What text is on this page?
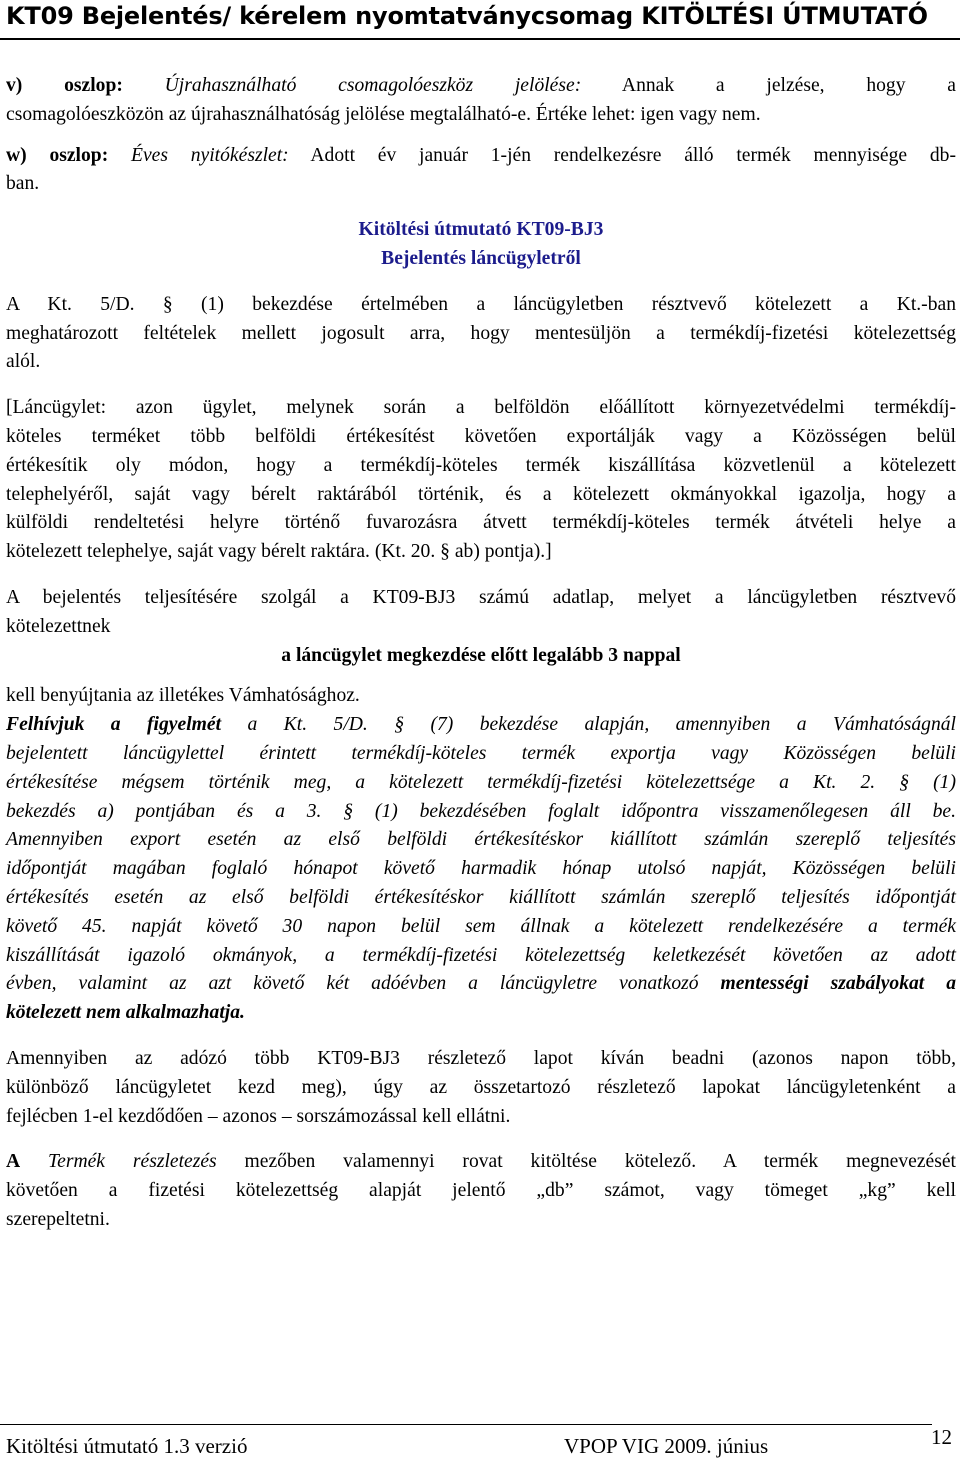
KT09 Bejelentés/ kérelem nyomtatványcsomag KITÖLTÉSI ÚTMUTATÓ

v) oszlop: Újrahasználható csomagolóeszköz jelölése: Annak a jelzése, hogy a

csomagolóeszközön az újrahasználhatóság jelölése megtalálható-e. Értéke lehet: igen vagy nem.

w) oszlop: Éves nyitókészlet: Adott év január 1-jén rendelkezésre álló termék mennyisége db-

ban.

Kitöltési útmutató KT09-BJ3

Bejelentés láncügyletről

A Kt. 5/D. § (1) bekezdése értelmében a láncügyletben résztvevő kötelezett a Kt.-ban

meghatározott feltételek mellett jogosult arra, hogy mentesüljön a termékdíj-fizetési kötelezettség

alól.

[Láncügylet: azon ügylet, melynek során a belföldön előállított környezetvédelmi termékdíj-

köteles terméket több belföldi értékesítést követően exportálják vagy a Közösségen belül

értékesítik oly módon, hogy a termékdíj-köteles termék kiszállítása közvetlenül a kötelezett

telephelyéről, saját vagy bérelt raktárából történik, és a kötelezett okmányokkal igazolja, hogy a

külföldi rendeltetési helyre történő fuvarozásra átvett termékdíj-köteles termék átvételi helye a

kötelezett telephelye, saját vagy bérelt raktára. (Kt. 20. § ab) pontja).]

A bejelentés teljesítésére szolgál a KT09-BJ3 számú adatlap, melyet a láncügyletben résztvevő

kötelezettnek

a láncügylet megkezdése előtt legalább 3 nappal

kell benyújtania az illetékes Vámhatósághoz.

Felhívjuk a figyelmét a Kt. 5/D. § (7) bekezdése alapján, amennyiben a Vámhatóságnál

bejelentett láncügylettel érintett termékdíj-köteles termék exportja vagy Közösségen belüli

értékesítése mégsem történik meg, a kötelezett termékdíj-fizetési kötelezettsége a Kt. 2. § (1)

bekezdés a) pontjában és a 3. § (1) bekezdésében foglalt időpontra visszamenőlegesen áll be.

Amennyiben export esetén az első belföldi értékesítéskor kiállított számlán szereplő teljesítés

időpontját magában foglaló hónapot követő harmadik hónap utolsó napját, Közösségen belüli

értékesítés esetén az első belföldi értékesítéskor kiállított számlán szereplő teljesítés időpontját

követő 45. napját követő 30 napon belül sem állnak a kötelezett rendelkezésére a termék

kiszállítását igazoló okmányok, a termékdíj-fizetési kötelezettség keletkezését követően az adott

évben, valamint az azt követő két adóévben a láncügyletre vonatkozó mentességi szabályokat a

kötelezett nem alkalmazhatja.

Amennyiben az adózó több KT09-BJ3 részletező lapot kíván beadni (azonos napon több,

különböző láncügyletet kezd meg), úgy az összetartozó részletező lapokat láncügyletenként a

fejlécben 1-el kezdődően – azonos – sorszámozással kell ellátni.

A Termék részletezés mezőben valamennyi rovat kitöltése kötelező. A termék megnevezését

követően a fizetési kötelezettség alapját jelentő „db” számot, vagy tömeget „kg” kell

szerepeltetni.

Kitöltési útmutató 1.3 verzió	VPOP VIG 2009. június	12
